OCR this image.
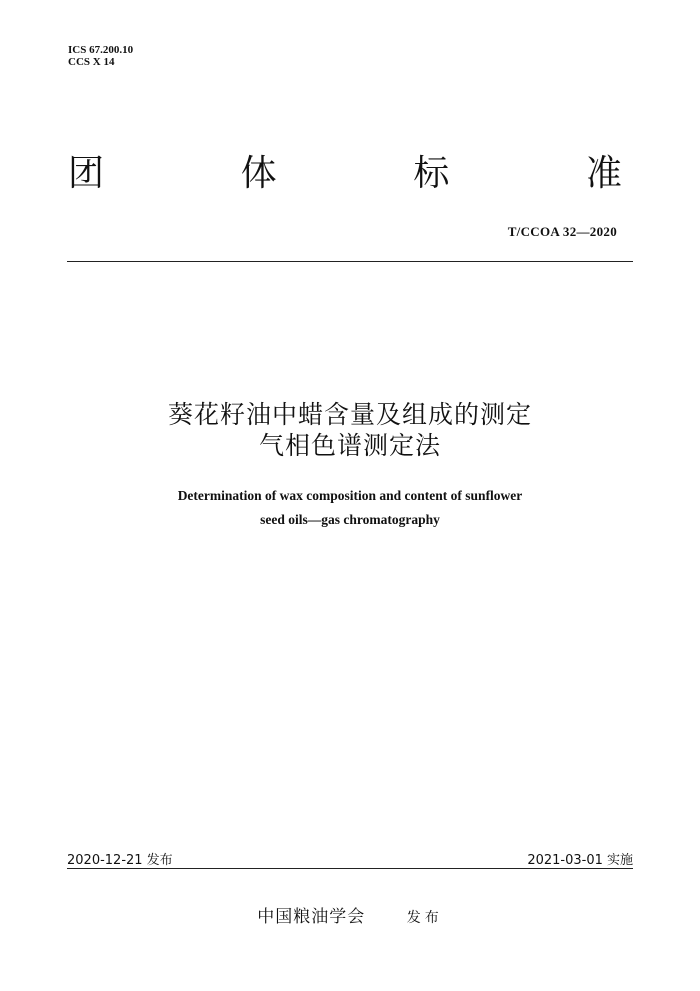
ICS 67.200.10
CCS X 14
团	体	标	准
T/CCOA 32—2020
葵花籽油中蜡含量及组成的测定
气相色谱测定法
Determination of wax composition and content of sunflower
seed oils—gas chromatography
2020-12-21 发布	2021-03-01 实施
中国粮油学会	发布
